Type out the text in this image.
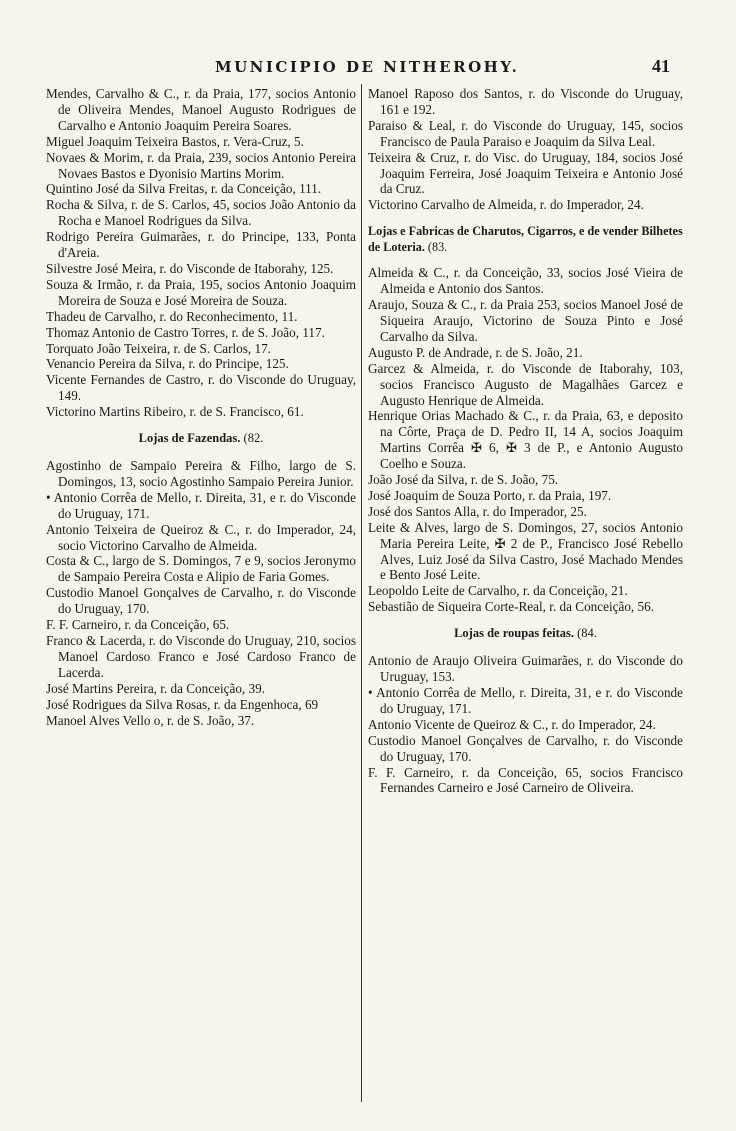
MUNICIPIO DE NITHEROHY.	41
Mendes, Carvalho & C., r. da Praia, 177, socios Antonio de Oliveira Mendes, Manoel Augusto Rodrigues de Carvalho e Antonio Joaquim Pereira Soares.
Miguel Joaquim Teixeira Bastos, r. Vera-Cruz, 5.
Novaes & Morim, r. da Praia, 239, socios Antonio Pereira Novaes Bastos e Dyonisio Martins Morim.
Quintino José da Silva Freitas, r. da Conceição, 111.
Rocha & Silva, r. de S. Carlos, 45, socios João Antonio da Rocha e Manoel Rodrigues da Silva.
Rodrigo Pereira Guimarães, r. do Principe, 133, Ponta d'Areia.
Silvestre José Meira, r. do Visconde de Itaborahy, 125.
Souza & Irmão, r. da Praia, 195, socios Antonio Joaquim Moreira de Souza e José Moreira de Souza.
Thadeu de Carvalho, r. do Reconhecimento, 11.
Thomaz Antonio de Castro Torres, r. de S. João, 117.
Torquato João Teixeira, r. de S. Carlos, 17.
Venancio Pereira da Silva, r. do Principe, 125.
Vicente Fernandes de Castro, r. do Visconde do Uruguay, 149.
Victorino Martins Ribeiro, r. de S. Francisco, 61.
Lojas de Fazendas. (82.
Agostinho de Sampaio Pereira & Filho, largo de S. Domingos, 13, socio Agostinho Sampaio Pereira Junior.
• Antonio Corrêa de Mello, r. Direita, 31, e r. do Visconde do Uruguay, 171.
Antonio Teixeira de Queiroz & C., r. do Imperador, 24, socio Victorino Carvalho de Almeida.
Costa & C., largo de S. Domingos, 7 e 9, socios Jeronymo de Sampaio Pereira Costa e Alipio de Faria Gomes.
Custodio Manoel Gonçalves de Carvalho, r. do Visconde do Uruguay, 170.
F. F. Carneiro, r. da Conceição, 65.
Franco & Lacerda, r. do Visconde do Uruguay, 210, socios Manoel Cardoso Franco e José Cardoso Franco de Lacerda.
José Martins Pereira, r. da Conceição, 39.
José Rodrigues da Silva Rosas, r. da Engenhoca, 69
Manoel Alves Vello o, r. de S. João, 37.
Manoel Raposo dos Santos, r. do Visconde do Uruguay, 161 e 192.
Paraiso & Leal, r. do Visconde do Uruguay, 145, socios Francisco de Paula Paraiso e Joaquim da Silva Leal.
Teixeira & Cruz, r. do Visc. do Uruguay, 184, socios José Joaquim Ferreira, José Joaquim Teixeira e Antonio José da Cruz.
Victorino Carvalho de Almeida, r. do Imperador, 24.
Lojas e Fabricas de Charutos, Cigarros, e de vender Bilhetes de Loteria. (83.
Almeida & C., r. da Conceição, 33, socios José Vieira de Almeida e Antonio dos Santos.
Araujo, Souza & C., r. da Praia 253, socios Manoel José de Siqueira Araujo, Victorino de Souza Pinto e José Carvalho da Silva.
Augusto P. de Andrade, r. de S. João, 21.
Garcez & Almeida, r. do Visconde de Itaborahy, 103, socios Francisco Augusto de Magalhães Garcez e Augusto Henrique de Almeida.
Henrique Orias Machado & C., r. da Praia, 63, e deposito na Côrte, Praça de D. Pedro II, 14 A, socios Joaquim Martins Corrêa ✠ 6, ✠ 3 de P., e Antonio Augusto Coelho e Souza.
João José da Silva, r. de S. João, 75.
José Joaquim de Souza Porto, r. da Praia, 197.
José dos Santos Alla, r. do Imperador, 25.
Leite & Alves, largo de S. Domingos, 27, socios Antonio Maria Pereira Leite, ✠ 2 de P., Francisco José Rebello Alves, Luiz José da Silva Castro, José Machado Mendes e Bento José Leite.
Leopoldo Leite de Carvalho, r. da Conceição, 21.
Sebastião de Siqueira Corte-Real, r. da Conceição, 56.
Lojas de roupas feitas. (84.
Antonio de Araujo Oliveira Guimarães, r. do Visconde do Uruguay, 153.
• Antonio Corrêa de Mello, r. Direita, 31, e r. do Visconde do Uruguay, 171.
Antonio Vicente de Queiroz & C., r. do Imperador, 24.
Custodio Manoel Gonçalves de Carvalho, r. do Visconde do Uruguay, 170.
F. F. Carneiro, r. da Conceição, 65, socios Francisco Fernandes Carneiro e José Carneiro de Oliveira.
